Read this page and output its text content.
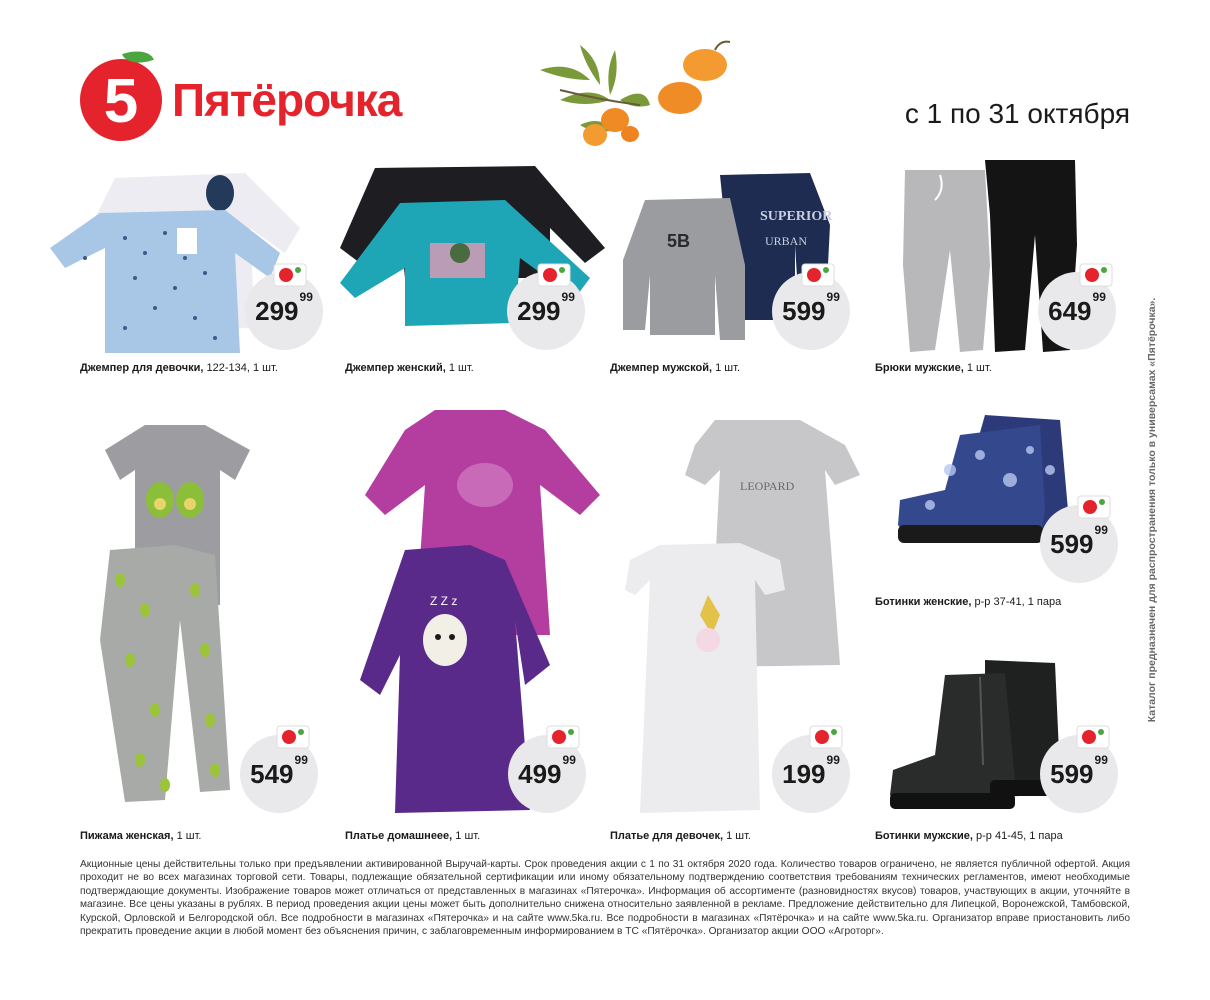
5 Пятёрочка	с 1 по 31 октября
Каталог предназначен для распространения только в универсамах «Пятёрочка».
299 99
Джемпер для девочки, 122-134, 1 шт.
299 99
Джемпер женский, 1 шт.
SUPERIOR
URBAN
5B
599 99
Джемпер мужской, 1 шт.
649 99
Брюки мужские, 1 шт.
549 99
Пижама женская, 1 шт.
Z Z z
499 99
Платье домашнеее, 1 шт.
LEOPARD
199 99
Платье для девочек, 1 шт.
599 99
Ботинки женские, р-р 37-41, 1 пара
599 99
Ботинки мужские, р-р 41-45, 1 пара
Акционные цены действительны только при предъявлении активированной Выручай-карты. Срок проведения акции с 1 по 31 октября 2020 года. Количество товаров ограничено, не является публичной офертой. Акция проходит не во всех магазинах торговой сети. Товары, подлежащие обязательной сертификации или иному обязательному подтверждению соответствия требованиям технических регламентов, имеют необходимые подтверждающие документы. Изображение товаров может отличаться от представленных в магазинах «Пятерочка». Информация об ассортименте (разновидностях вкусов) товаров, участвующих в акции, уточняйте в магазине. Все цены указаны в рублях. В период проведения акции цены может быть дополнительно снижена относительно заявленной в рекламе. Предложение действительно для Липецкой, Воронежской, Тамбовской, Курской, Орловской и Белгородской обл. Все подробности в магазинах «Пятерочка» и на сайте www.5ka.ru. Все подробности в магазинах «Пятёрочка» и на сайте www.5ka.ru. Организатор вправе приостановить либо прекратить проведение акции в любой момент без объяснения причин, с заблаговременным информированием в ТС «Пятёрочка». Организатор акции ООО «Агроторг».
